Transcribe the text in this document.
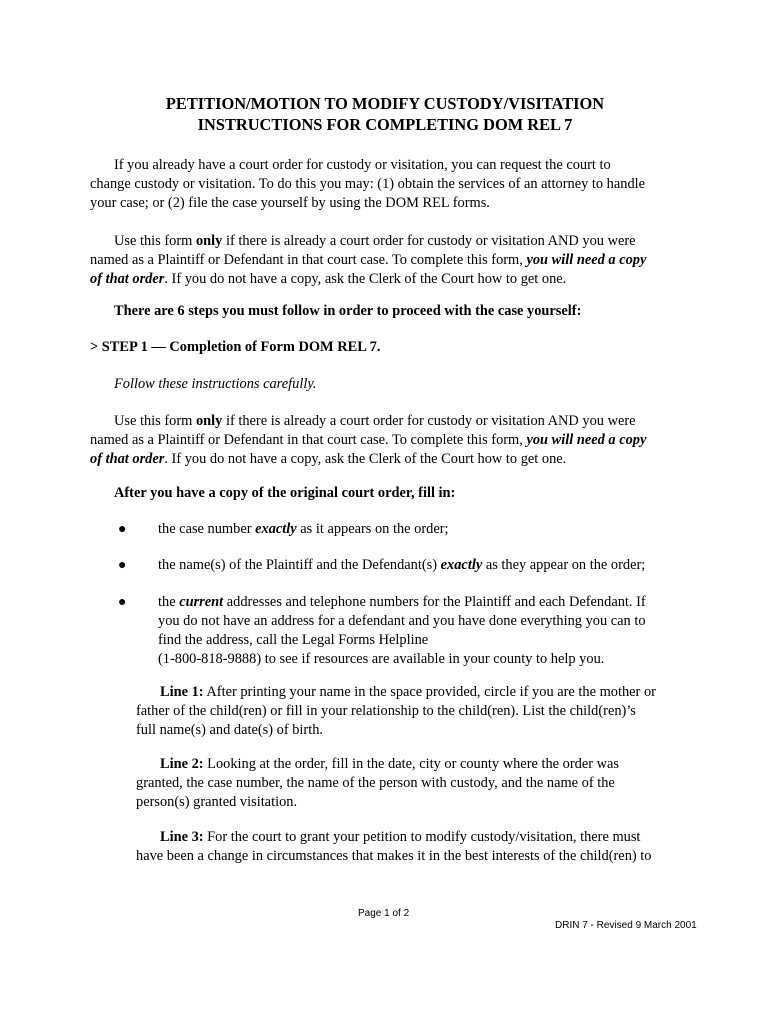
PETITION/MOTION TO MODIFY CUSTODY/VISITATION
INSTRUCTIONS FOR COMPLETING DOM REL 7
If you already have a court order for custody or visitation, you can request the court to
change custody or visitation. To do this you may: (1) obtain the services of an attorney to handle
your case; or (2) file the case yourself by using the DOM REL forms.
Use this form only if there is already a court order for custody or visitation AND you were
named as a Plaintiff or Defendant in that court case. To complete this form, you will need a copy
of that order. If you do not have a copy, ask the Clerk of the Court how to get one.
There are 6 steps you must follow in order to proceed with the case yourself:
> STEP 1 — Completion of Form DOM REL 7.
Follow these instructions carefully.
Use this form only if there is already a court order for custody or visitation AND you were
named as a Plaintiff or Defendant in that court case. To complete this form, you will need a copy
of that order. If you do not have a copy, ask the Clerk of the Court how to get one.
After you have a copy of the original court order, fill in:
●	the case number exactly as it appears on the order;
●	the name(s) of the Plaintiff and the Defendant(s) exactly as they appear on the order;
●	the current addresses and telephone numbers for the Plaintiff and each Defendant. If
you do not have an address for a defendant and you have done everything you can to
find the address, call the Legal Forms Helpline
(1-800-818-9888) to see if resources are available in your county to help you.
Line 1: After printing your name in the space provided, circle if you are the mother or
father of the child(ren) or fill in your relationship to the child(ren). List the child(ren)’s
full name(s) and date(s) of birth.
Line 2: Looking at the order, fill in the date, city or county where the order was
granted, the case number, the name of the person with custody, and the name of the
person(s) granted visitation.
Line 3: For the court to grant your petition to modify custody/visitation, there must
have been a change in circumstances that makes it in the best interests of the child(ren) to
Page 1 of 2
DRIN 7 - Revised 9 March 2001
